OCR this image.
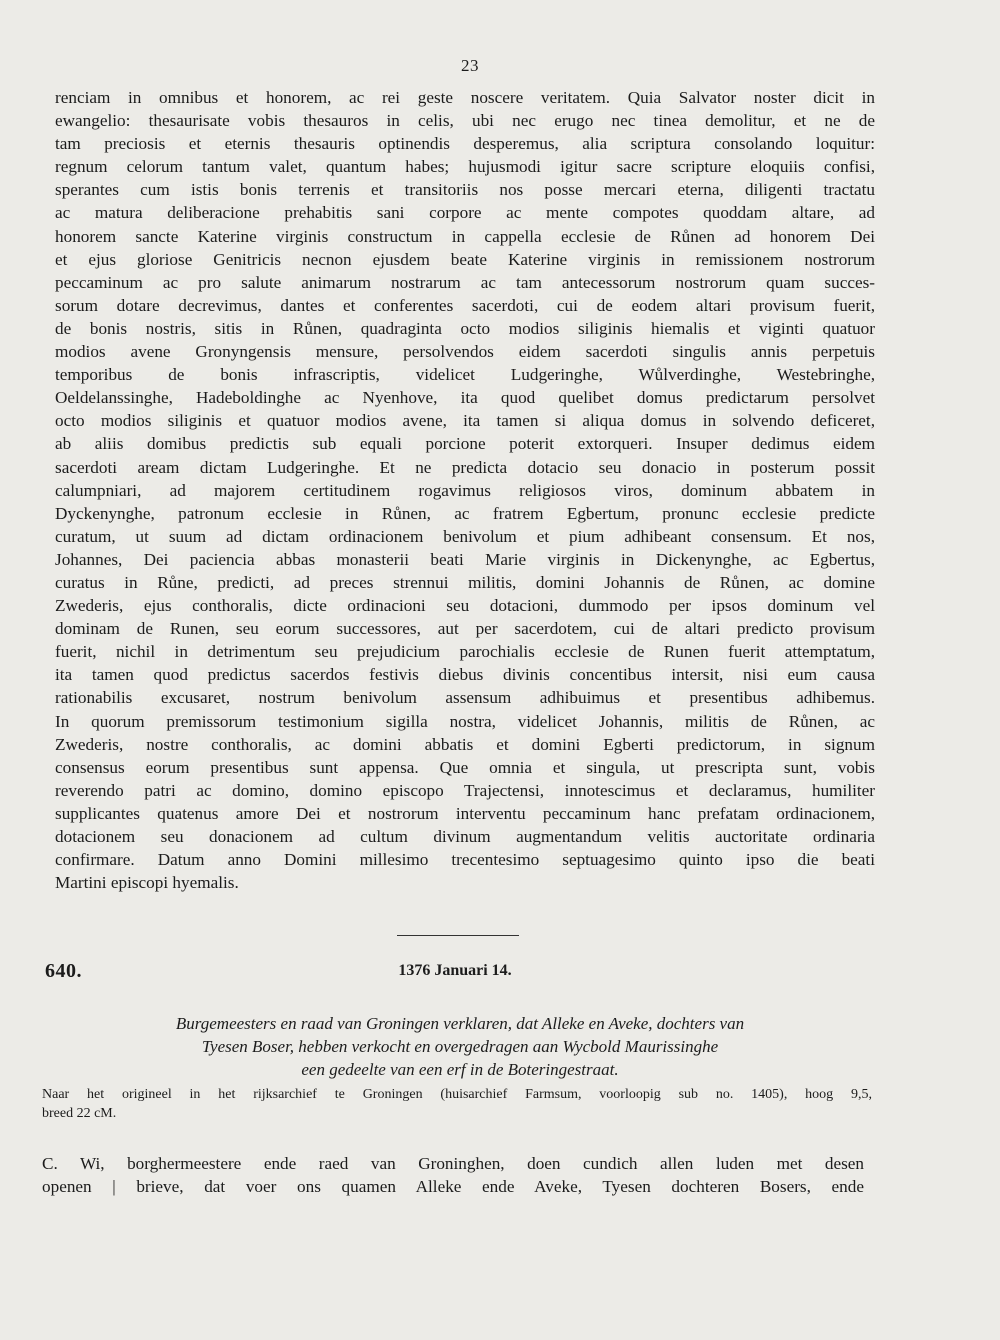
23
renciam in omnibus et honorem, ac rei geste noscere veritatem. Quia Salvator noster dicit in
ewangelio: thesaurisate vobis thesauros in celis, ubi nec erugo nec tinea demolitur, et ne de
tam preciosis et eternis thesauris optinendis desperemus, alia scriptura consolando loquitur:
regnum celorum tantum valet, quantum habes; hujusmodi igitur sacre scripture eloquiis confisi,
sperantes cum istis bonis terrenis et transitoriis nos posse mercari eterna, diligenti tractatu
ac matura deliberacione prehabitis sani corpore ac mente compotes quoddam altare, ad
honorem sancte Katerine virginis constructum in cappella ecclesie de Růnen ad honorem Dei
et ejus gloriose Genitricis necnon ejusdem beate Katerine virginis in remissionem nostrorum
peccaminum ac pro salute animarum nostrarum ac tam antecessorum nostrorum quam succes-
sorum dotare decrevimus, dantes et conferentes sacerdoti, cui de eodem altari provisum fuerit,
de bonis nostris, sitis in Růnen, quadraginta octo modios siliginis hiemalis et viginti quatuor
modios avene Gronyngensis mensure, persolvendos eidem sacerdoti singulis annis perpetuis
temporibus de bonis infrascriptis, videlicet Ludgeringhe, Wůlverdinghe, Westebringhe,
Oeldelanssinghe, Hadeboldinghe ac Nyenhove, ita quod quelibet domus predictarum persolvet
octo modios siliginis et quatuor modios avene, ita tamen si aliqua domus in solvendo deficeret,
ab aliis domibus predictis sub equali porcione poterit extorqueri. Insuper dedimus eidem
sacerdoti aream dictam Ludgeringhe. Et ne predicta dotacio seu donacio in posterum possit
calumpniari, ad majorem certitudinem rogavimus religiosos viros, dominum abbatem in
Dyckenynghe, patronum ecclesie in Růnen, ac fratrem Egbertum, pronunc ecclesie predicte
curatum, ut suum ad dictam ordinacionem benivolum et pium adhibeant consensum. Et nos,
Johannes, Dei paciencia abbas monasterii beati Marie virginis in Dickenynghe, ac Egbertus,
curatus in Růne, predicti, ad preces strennui militis, domini Johannis de Růnen, ac domine
Zwederis, ejus conthoralis, dicte ordinacioni seu dotacioni, dummodo per ipsos dominum vel
dominam de Runen, seu eorum successores, aut per sacerdotem, cui de altari predicto provisum
fuerit, nichil in detrimentum seu prejudicium parochialis ecclesie de Runen fuerit attemptatum,
ita tamen quod predictus sacerdos festivis diebus divinis concentibus intersit, nisi eum causa
rationabilis excusaret, nostrum benivolum assensum adhibuimus et presentibus adhibemus.
In quorum premissorum testimonium sigilla nostra, videlicet Johannis, militis de Růnen, ac
Zwederis, nostre conthoralis, ac domini abbatis et domini Egberti predictorum, in signum
consensus eorum presentibus sunt appensa. Que omnia et singula, ut prescripta sunt, vobis
reverendo patri ac domino, domino episcopo Trajectensi, innotescimus et declaramus, humiliter
supplicantes quatenus amore Dei et nostrorum interventu peccaminum hanc prefatam ordinacionem,
dotacionem seu donacionem ad cultum divinum augmentandum velitis auctoritate ordinaria
confirmare. Datum anno Domini millesimo trecentesimo septuagesimo quinto ipso die beati
Martini episcopi hyemalis.
640.	1376 Januari 14.
Burgemeesters en raad van Groningen verklaren, dat Alleke en Aveke, dochters van
Tyesen Boser, hebben verkocht en overgedragen aan Wycbold Maurissinghe
een gedeelte van een erf in de Boteringestraat.
Naar het origineel in het rijksarchief te Groningen (huisarchief Farmsum, voorloopig sub no. 1405), hoog 9,5,
breed 22 cM.
C. Wi, borghermeestere ende raed van Groninghen, doen cundich allen luden met desen
openen | brieve, dat voer ons quamen Alleke ende Aveke, Tyesen dochteren Bosers, ende
